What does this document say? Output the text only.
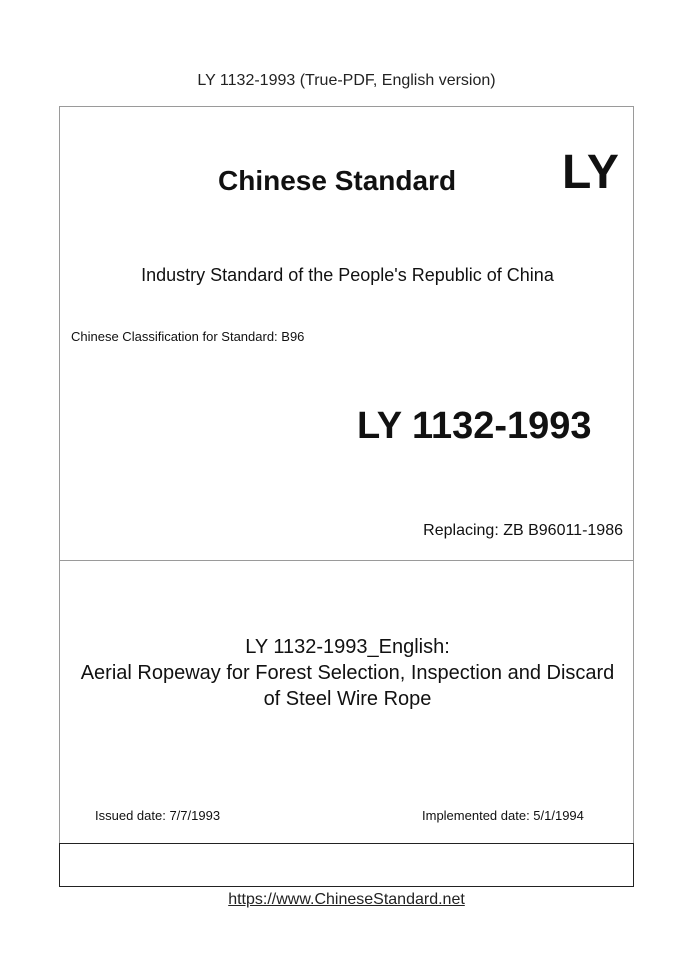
LY 1132-1993 (True-PDF, English version)
Chinese Standard LY
Industry Standard of the People's Republic of China
Chinese Classification for Standard: B96
LY 1132-1993
Replacing: ZB B96011-1986
LY 1132-1993_English:
Aerial Ropeway for Forest Selection, Inspection and Discard
of Steel Wire Rope
Issued date: 7/7/1993	Implemented date: 5/1/1994
https://www.ChineseStandard.net
